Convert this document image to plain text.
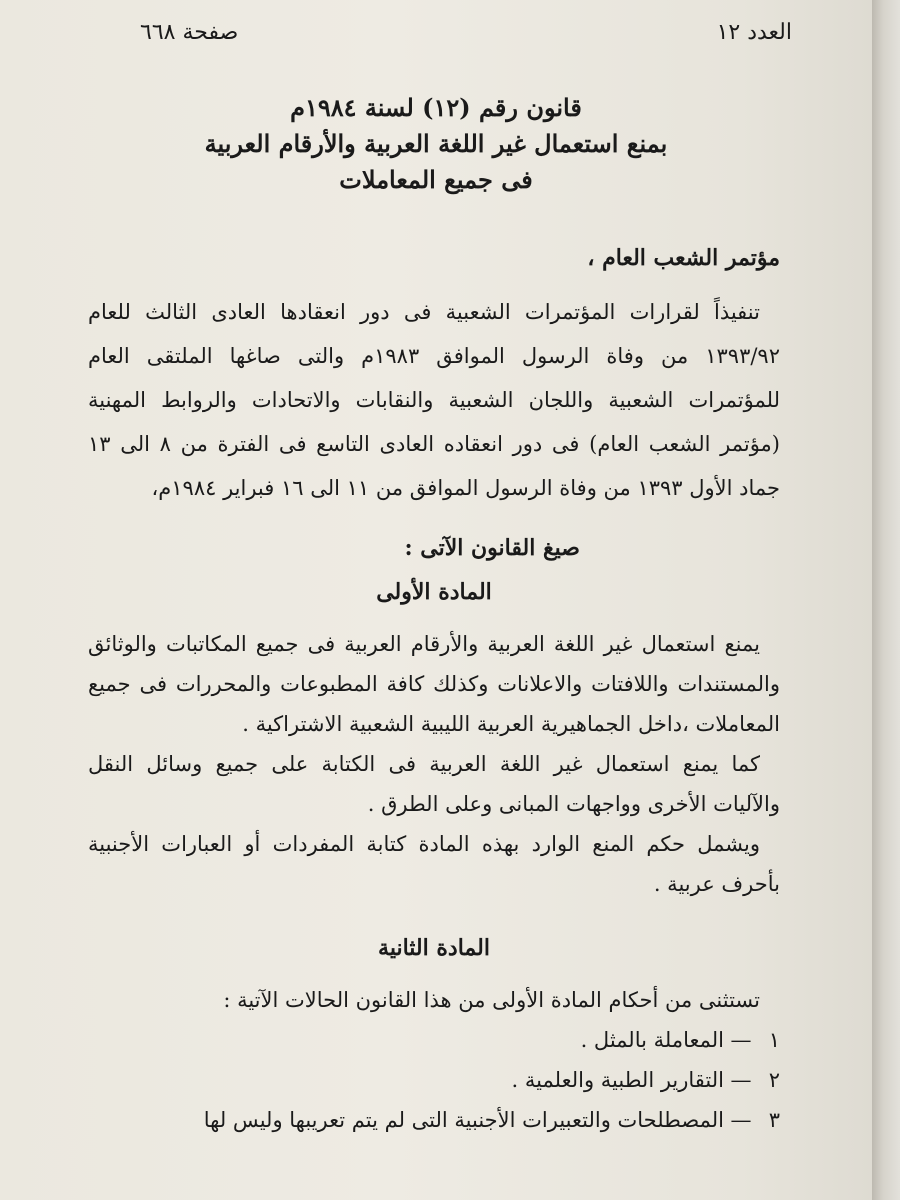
العدد ١٢
صفحة ٦٦٨

قانون رقم (١٢) لسنة ١٩٨٤م

بمنع استعمال غير اللغة العربية والأرقام العربية

فى جميع المعاملات

مؤتمر الشعب العام ،

تنفيذاً لقرارات المؤتمرات الشعبية فى دور انعقادها العادى الثالث للعام ١٣٩٣/٩٢ من وفاة الرسول الموافق ١٩٨٣م والتى صاغها الملتقى العام للمؤتمرات الشعبية واللجان الشعبية والنقابات والاتحادات والروابط المهنية (مؤتمر الشعب العام) فى دور انعقاده العادى التاسع فى الفترة من ٨ الى ١٣ جماد الأول ١٣٩٣ من وفاة الرسول الموافق من ١١ الى ١٦ فبراير ١٩٨٤م،

صيغ القانون الآتى :

المادة الأولى

يمنع استعمال غير اللغة العربية والأرقام العربية فى جميع المكاتبات والوثائق والمستندات واللافتات والاعلانات وكذلك كافة المطبوعات والمحررات فى جميع المعاملات ،داخل الجماهيرية العربية الليبية الشعبية الاشتراكية .

كما يمنع استعمال غير اللغة العربية فى الكتابة على جميع وسائل النقل والآليات الأخرى وواجهات المبانى وعلى الطرق .

ويشمل حكم المنع الوارد بهذه المادة كتابة المفردات أو العبارات الأجنبية بأحرف عربية .

المادة الثانية

تستثنى من أحكام المادة الأولى من هذا القانون الحالات الآتية :

١
—
المعاملة بالمثل .
٢
—
التقارير الطبية والعلمية .
٣
—
المصطلحات والتعبيرات الأجنبية التى لم يتم تعريبها وليس لها
